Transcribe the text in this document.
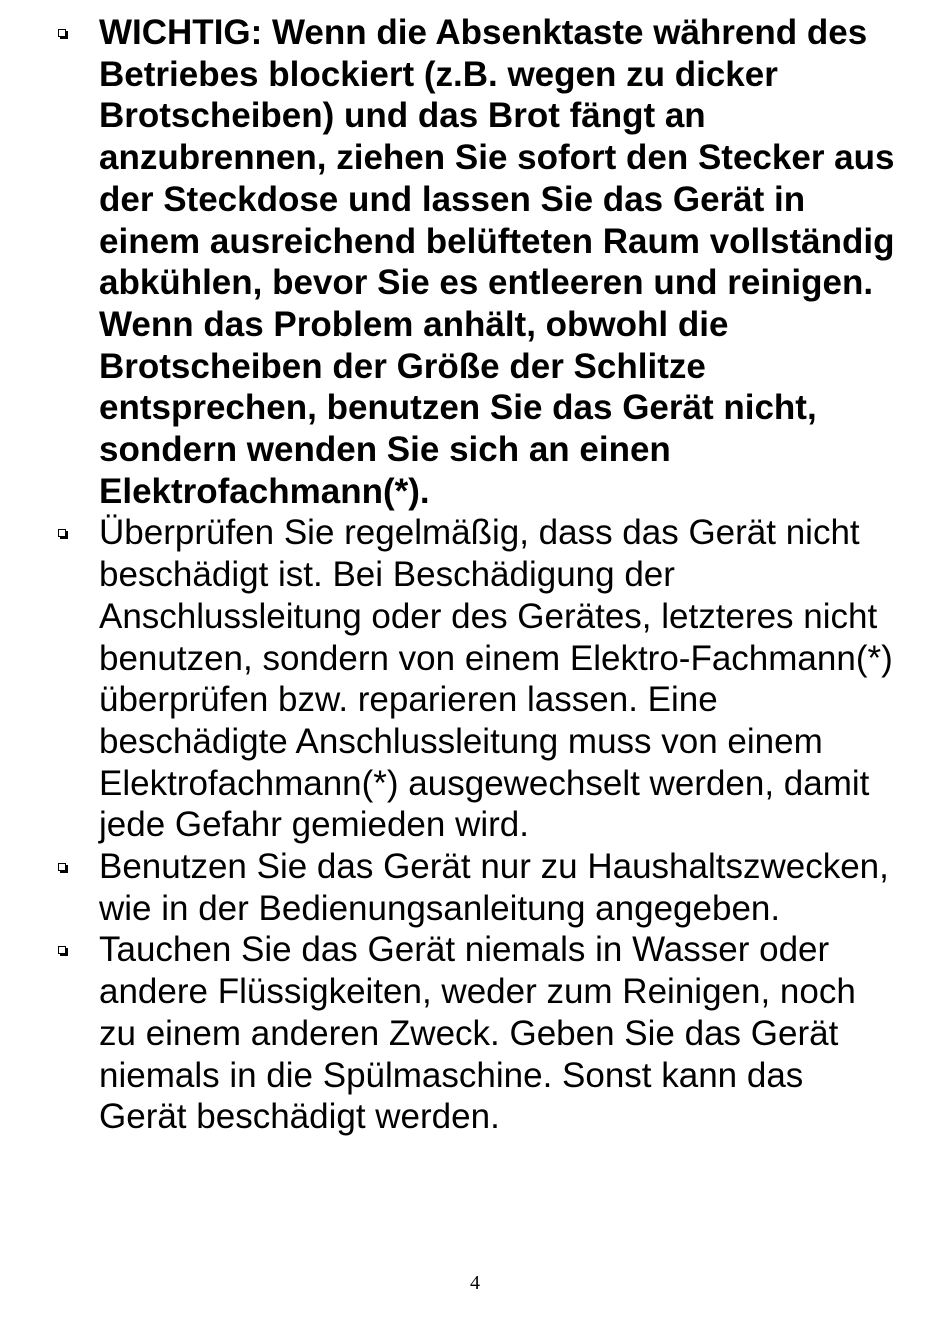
WICHTIG: Wenn die Absenktaste während des Betriebes blockiert (z.B. wegen zu dicker Brotscheiben) und das Brot fängt an anzubrennen, ziehen Sie sofort den Stecker aus der Steckdose und lassen Sie das Gerät in einem ausreichend belüfteten Raum vollständig abkühlen, bevor Sie es entleeren und reinigen. Wenn das Problem anhält, obwohl die Brotscheiben der Größe der Schlitze entsprechen, benutzen Sie das Gerät nicht, sondern wenden Sie sich an einen Elektrofachmann(*).
Überprüfen Sie regelmäßig, dass das Gerät nicht beschädigt ist. Bei Beschädigung der Anschlussleitung oder des Gerätes, letzteres nicht benutzen, sondern von einem Elektro-Fachmann(*) überprüfen bzw. reparieren lassen. Eine beschädigte Anschlussleitung muss von einem Elektrofachmann(*) ausgewechselt werden, damit jede Gefahr gemieden wird.
Benutzen Sie das Gerät nur zu Haushaltszwecken, wie in der Bedienungsanleitung angegeben.
Tauchen Sie das Gerät niemals in Wasser oder andere Flüssigkeiten, weder zum Reinigen, noch zu einem anderen Zweck. Geben Sie das Gerät niemals in die Spülmaschine. Sonst kann das Gerät beschädigt werden.
4
